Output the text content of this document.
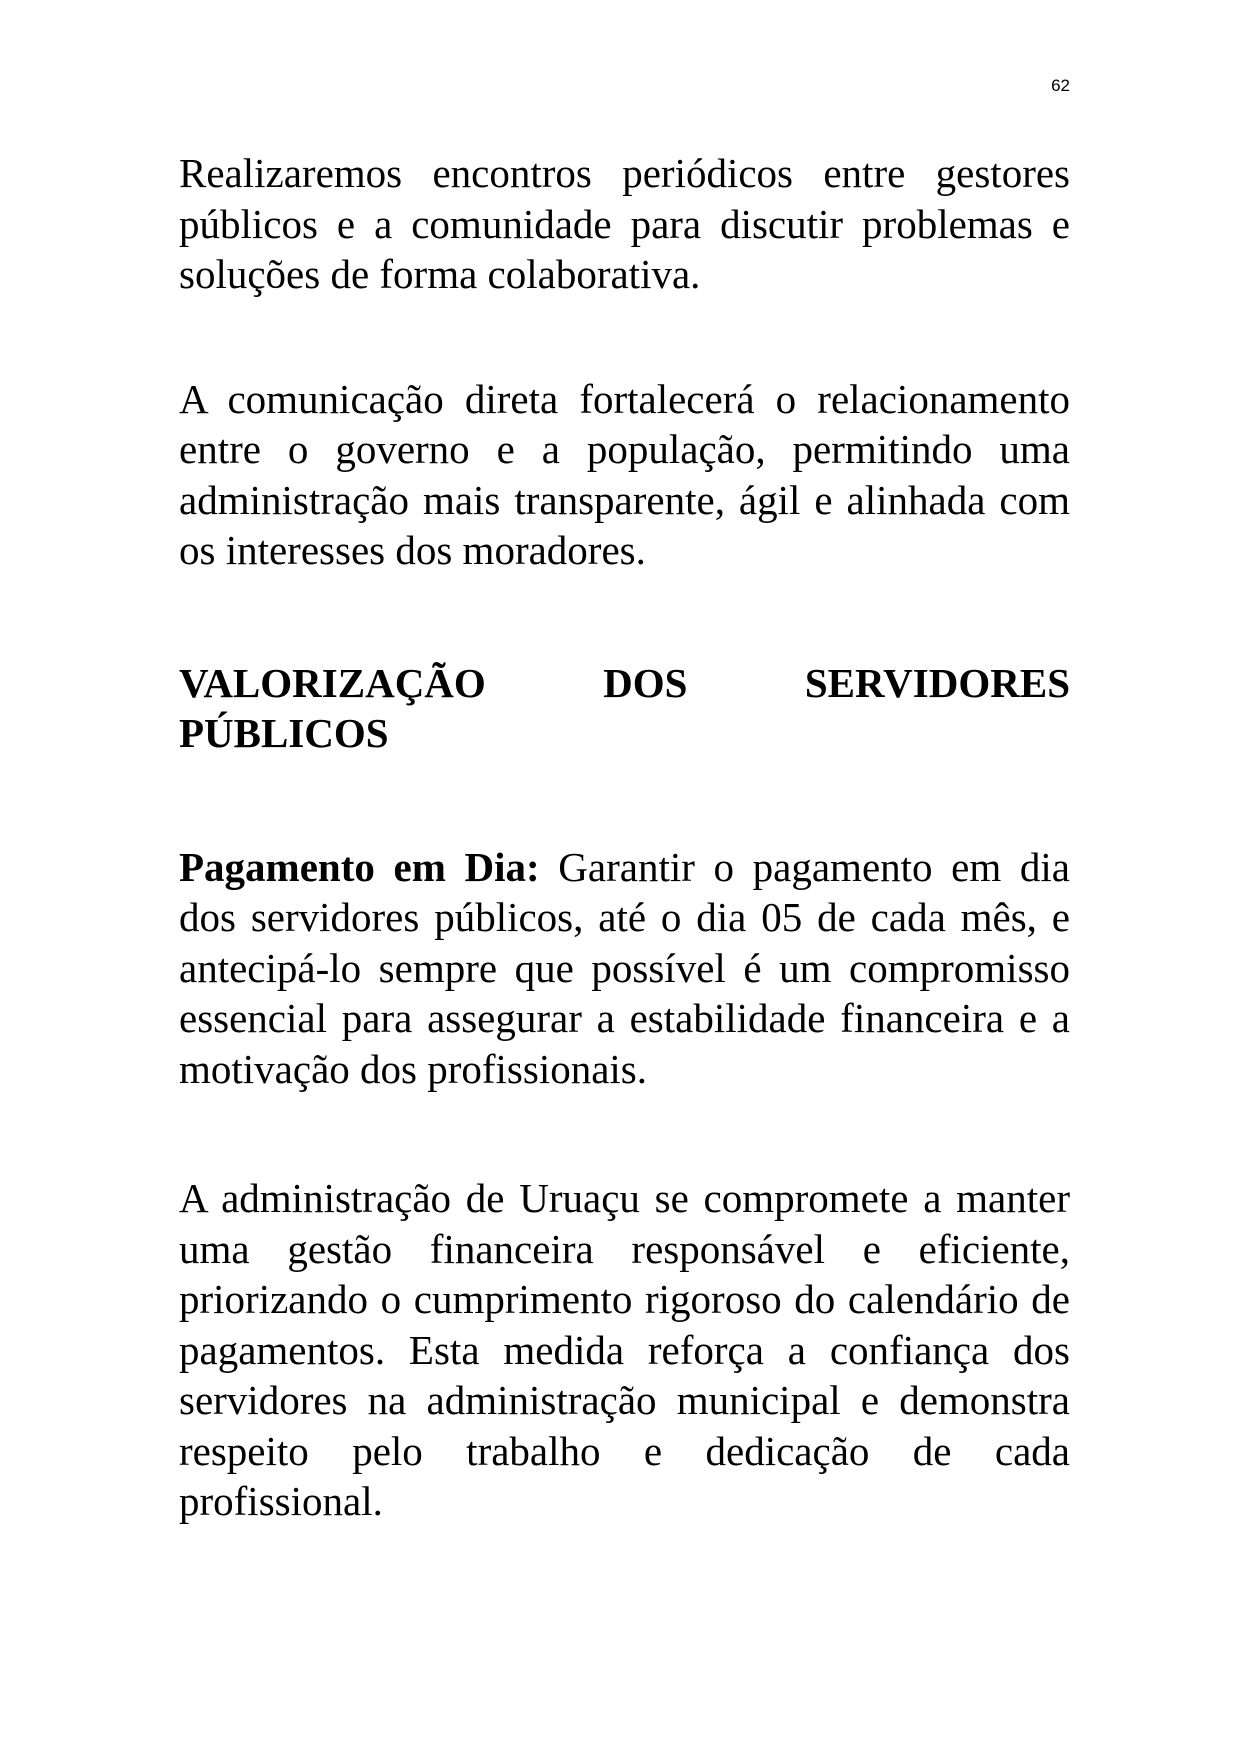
62

Realizaremos encontros periódicos entre gestores públicos e a comunidade para discutir problemas e soluções de forma colaborativa.

A comunicação direta fortalecerá o relacionamento entre o governo e a população, permitindo uma administração mais transparente, ágil e alinhada com os interesses dos moradores.

VALORIZAÇÃO DOS SERVIDORES
PÚBLICOS

Pagamento em Dia: Garantir o pagamento em dia dos servidores públicos, até o dia 05 de cada mês, e antecipá-lo sempre que possível é um compromisso essencial para assegurar a estabilidade financeira e a motivação dos profissionais.

A administração de Uruaçu se compromete a manter uma gestão financeira responsável e eficiente, priorizando o cumprimento rigoroso do calendário de pagamentos. Esta medida reforça a confiança dos servidores na administração municipal e demonstra respeito pelo trabalho e dedicação de cada profissional.
